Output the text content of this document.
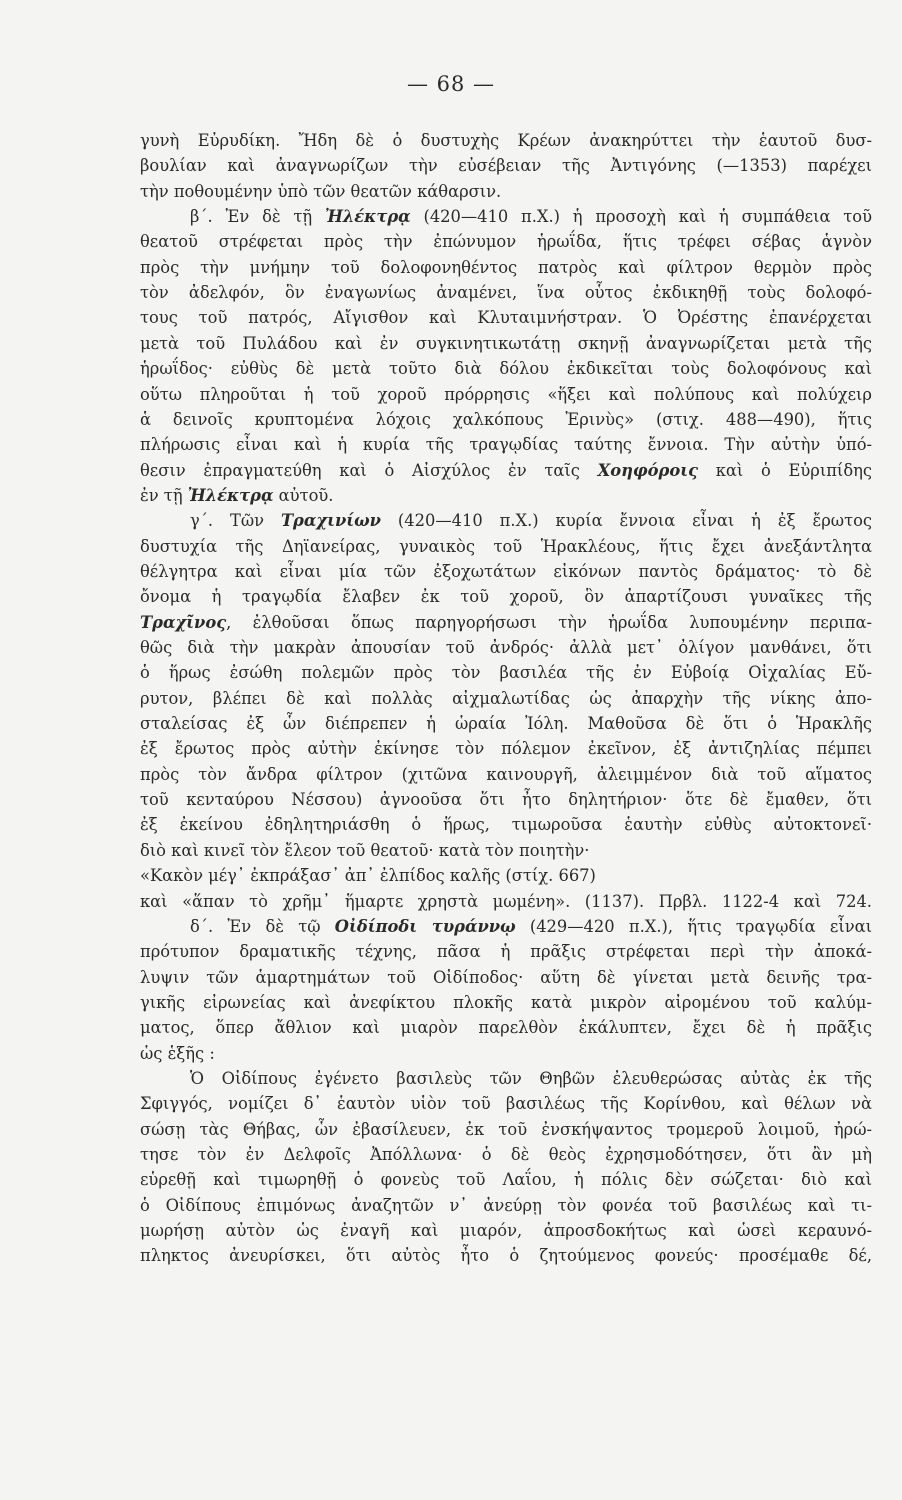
— 68 —
γυνὴ Εὐρυδίκη. Ἤδη δὲ ὁ δυστυχὴς Κρέων ἀνακηρύττει τὴν ἑαυτοῦ δυσ-
βουλίαν καὶ ἀναγνωρίζων τὴν εὐσέβειαν τῆς Ἀντιγόνης (—1353) παρέχει
τὴν ποθουμένην ὑπὸ τῶν θεατῶν κάθαρσιν.
β΄. Ἐν δὲ τῇ Ἠλέκτρᾳ (420—410 π.Χ.) ἡ προσοχὴ καὶ ἡ συμπάθεια τοῦ
θεατοῦ στρέφεται πρὸς τὴν ἐπώνυμον ἡρωΐδα, ἥτις τρέφει σέβας ἁγνὸν
πρὸς τὴν μνήμην τοῦ δολοφονηθέντος πατρὸς καὶ φίλτρον θερμὸν πρὸς
τὸν ἀδελφόν, ὃν ἐναγωνίως ἀναμένει, ἵνα οὗτος ἐκδικηθῇ τοὺς δολοφό-
τους τοῦ πατρός, Αἴγισθον καὶ Κλυταιμνήστραν. Ὁ Ὀρέστης ἐπανέρχεται
μετὰ τοῦ Πυλάδου καὶ ἐν συγκινητικωτάτῃ σκηνῇ ἀναγνωρίζεται μετὰ τῆς
ἡρωΐδος· εὐθὺς δὲ μετὰ τοῦτο διὰ δόλου ἐκδικεῖται τοὺς δολοφόνους καὶ
οὕτω πληροῦται ἡ τοῦ χοροῦ πρόρρησις «ἥξει καὶ πολύπους καὶ πολύχειρ
ἁ δεινοῖς κρυπτομένα λόχοις χαλκόπους Ἐρινὺς» (στιχ. 488—490), ἥτις
πλήρωσις εἶναι καὶ ἡ κυρία τῆς τραγῳδίας ταύτης ἔννοια. Τὴν αὐτὴν ὑπό-
θεσιν ἐπραγματεύθη καὶ ὁ Αἰσχύλος ἐν ταῖς Χοηφόροις καὶ ὁ Εὐριπίδης
ἐν τῇ Ἠλέκτρᾳ αὐτοῦ.
γ΄. Τῶν Τραχινίων (420—410 π.Χ.) κυρία ἔννοια εἶναι ἡ ἐξ ἔρωτος
δυστυχία τῆς Δηϊανείρας, γυναικὸς τοῦ Ἡρακλέους, ἥτις ἔχει ἀνεξάντλητα
θέλγητρα καὶ εἶναι μία τῶν ἐξοχωτάτων εἰκόνων παντὸς δράματος· τὸ δὲ
ὄνομα ἡ τραγῳδία ἔλαβεν ἐκ τοῦ χοροῦ, ὃν ἀπαρτίζουσι γυναῖκες τῆς
Τραχῖνος, ἐλθοῦσαι ὅπως παρηγορήσωσι τὴν ἡρωΐδα λυπουμένην περιπα-
θῶς διὰ τὴν μακρὰν ἀπουσίαν τοῦ ἀνδρός· ἀλλὰ μετ᾽ ὀλίγον μανθάνει, ὅτι
ὁ ἥρως ἐσώθη πολεμῶν πρὸς τὸν βασιλέα τῆς ἐν Εὐβοίᾳ Οἰχαλίας Εὔ-
ρυτον, βλέπει δὲ καὶ πολλὰς αἰχμαλωτίδας ὡς ἀπαρχὴν τῆς νίκης ἀπο-
σταλείσας ἐξ ὧν διέπρεπεν ἡ ὡραία Ἰόλη. Μαθοῦσα δὲ ὅτι ὁ Ἡρακλῆς
ἐξ ἔρωτος πρὸς αὐτὴν ἐκίνησε τὸν πόλεμον ἐκεῖνον, ἐξ ἀντιζηλίας πέμπει
πρὸς τὸν ἄνδρα φίλτρον (χιτῶνα καινουργῆ, ἀλειμμένον διὰ τοῦ αἵματος
τοῦ κενταύρου Νέσσου) ἀγνοοῦσα ὅτι ἦτο δηλητήριον· ὅτε δὲ ἔμαθεν, ὅτι
ἐξ ἐκείνου ἐδηλητηριάσθη ὁ ἥρως, τιμωροῦσα ἑαυτὴν εὐθὺς αὐτοκτονεῖ·
διὸ καὶ κινεῖ τὸν ἔλεον τοῦ θεατοῦ· κατὰ τὸν ποιητὴν·
«Κακὸν μέγ᾽ ἐκπράξασ᾽ ἀπ᾽ ἐλπίδος καλῆς (στίχ. 667)
καὶ «ἅπαν τὸ χρῆμ᾽ ἥμαρτε χρηστὰ μωμένη». (1137). Πρβλ. 1122-4 καὶ 724.
δ΄. Ἐν δὲ τῷ Οἰδίποδι τυράννῳ (429—420 π.Χ.), ἥτις τραγῳδία εἶναι
πρότυπον δραματικῆς τέχνης, πᾶσα ἡ πρᾶξις στρέφεται περὶ τὴν ἀποκά-
λυψιν τῶν ἁμαρτημάτων τοῦ Οἰδίποδος· αὕτη δὲ γίνεται μετὰ δεινῆς τρα-
γικῆς εἰρωνείας καὶ ἀνεφίκτου πλοκῆς κατὰ μικρὸν αἰρομένου τοῦ καλύμ-
ματος, ὅπερ ἄθλιον καὶ μιαρὸν παρελθὸν ἐκάλυπτεν, ἔχει δὲ ἡ πρᾶξις
ὡς ἑξῆς :
Ὁ Οἰδίπους ἐγένετο βασιλεὺς τῶν Θηβῶν ἐλευθερώσας αὐτὰς ἐκ τῆς
Σφιγγός, νομίζει δ᾽ ἑαυτὸν υἱὸν τοῦ βασιλέως τῆς Κορίνθου, καὶ θέλων νὰ
σώσῃ τὰς Θήβας, ὧν ἐβασίλευεν, ἐκ τοῦ ἐνσκήψαντος τρομεροῦ λοιμοῦ, ἠρώ-
τησε τὸν ἐν Δελφοῖς Ἀπόλλωνα· ὁ δὲ θεὸς ἐχρησμοδότησεν, ὅτι ἂν μὴ
εὑρεθῇ καὶ τιμωρηθῇ ὁ φονεὺς τοῦ Λαΐου, ἡ πόλις δὲν σώζεται· διὸ καὶ
ὁ Οἰδίπους ἐπιμόνως ἀναζητῶν ν᾽ ἀνεύρῃ τὸν φονέα τοῦ βασιλέως καὶ τι-
μωρήσῃ αὐτὸν ὡς ἐναγῆ καὶ μιαρόν, ἀπροσδοκήτως καὶ ὡσεὶ κεραυνό-
πληκτος ἀνευρίσκει, ὅτι αὐτὸς ἦτο ὁ ζητούμενος φονεύς· προσέμαθε δέ,
